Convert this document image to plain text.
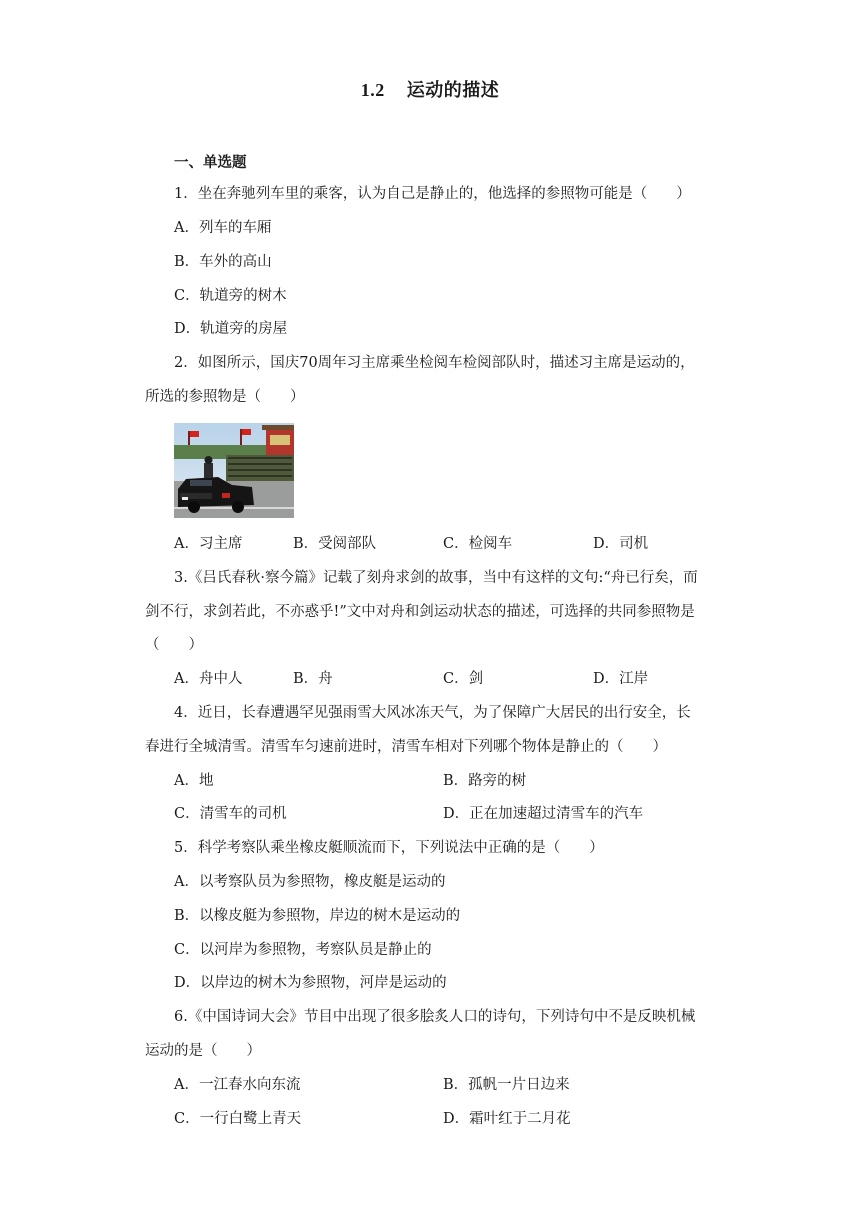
1.2 运动的描述
一、单选题
1．坐在奔驰列车里的乘客，认为自己是静止的，他选择的参照物可能是（　　）
A．列车的车厢
B．车外的高山
C．轨道旁的树木
D．轨道旁的房屋
2．如图所示，国庆70周年习主席乘坐检阅车检阅部队时，描述习主席是运动的，
所选的参照物是（　　）
A．习主席	B．受阅部队	C．检阅车	D．司机
3.《吕氏春秋·察今篇》记载了刻舟求剑的故事，当中有这样的文句:“舟已行矣，而
剑不行，求剑若此，不亦惑乎!”文中对舟和剑运动状态的描述，可选择的共同参照物是
（　　）
A．舟中人	B．舟	C．剑	D．江岸
4．近日，长春遭遇罕见强雨雪大风冰冻天气，为了保障广大居民的出行安全，长
春进行全城清雪。清雪车匀速前进时，清雪车相对下列哪个物体是静止的（　　）
A．地	B．路旁的树
C．清雪车的司机	D．正在加速超过清雪车的汽车
5．科学考察队乘坐橡皮艇顺流而下，下列说法中正确的是（　　）
A．以考察队员为参照物，橡皮艇是运动的
B．以橡皮艇为参照物，岸边的树木是运动的
C．以河岸为参照物，考察队员是静止的
D．以岸边的树木为参照物，河岸是运动的
6.《中国诗词大会》节目中出现了很多脍炙人口的诗句，下列诗句中不是反映机械
运动的是（　　）
A．一江春水向东流	B．孤帆一片日边来
C．一行白鹭上青天	D．霜叶红于二月花
